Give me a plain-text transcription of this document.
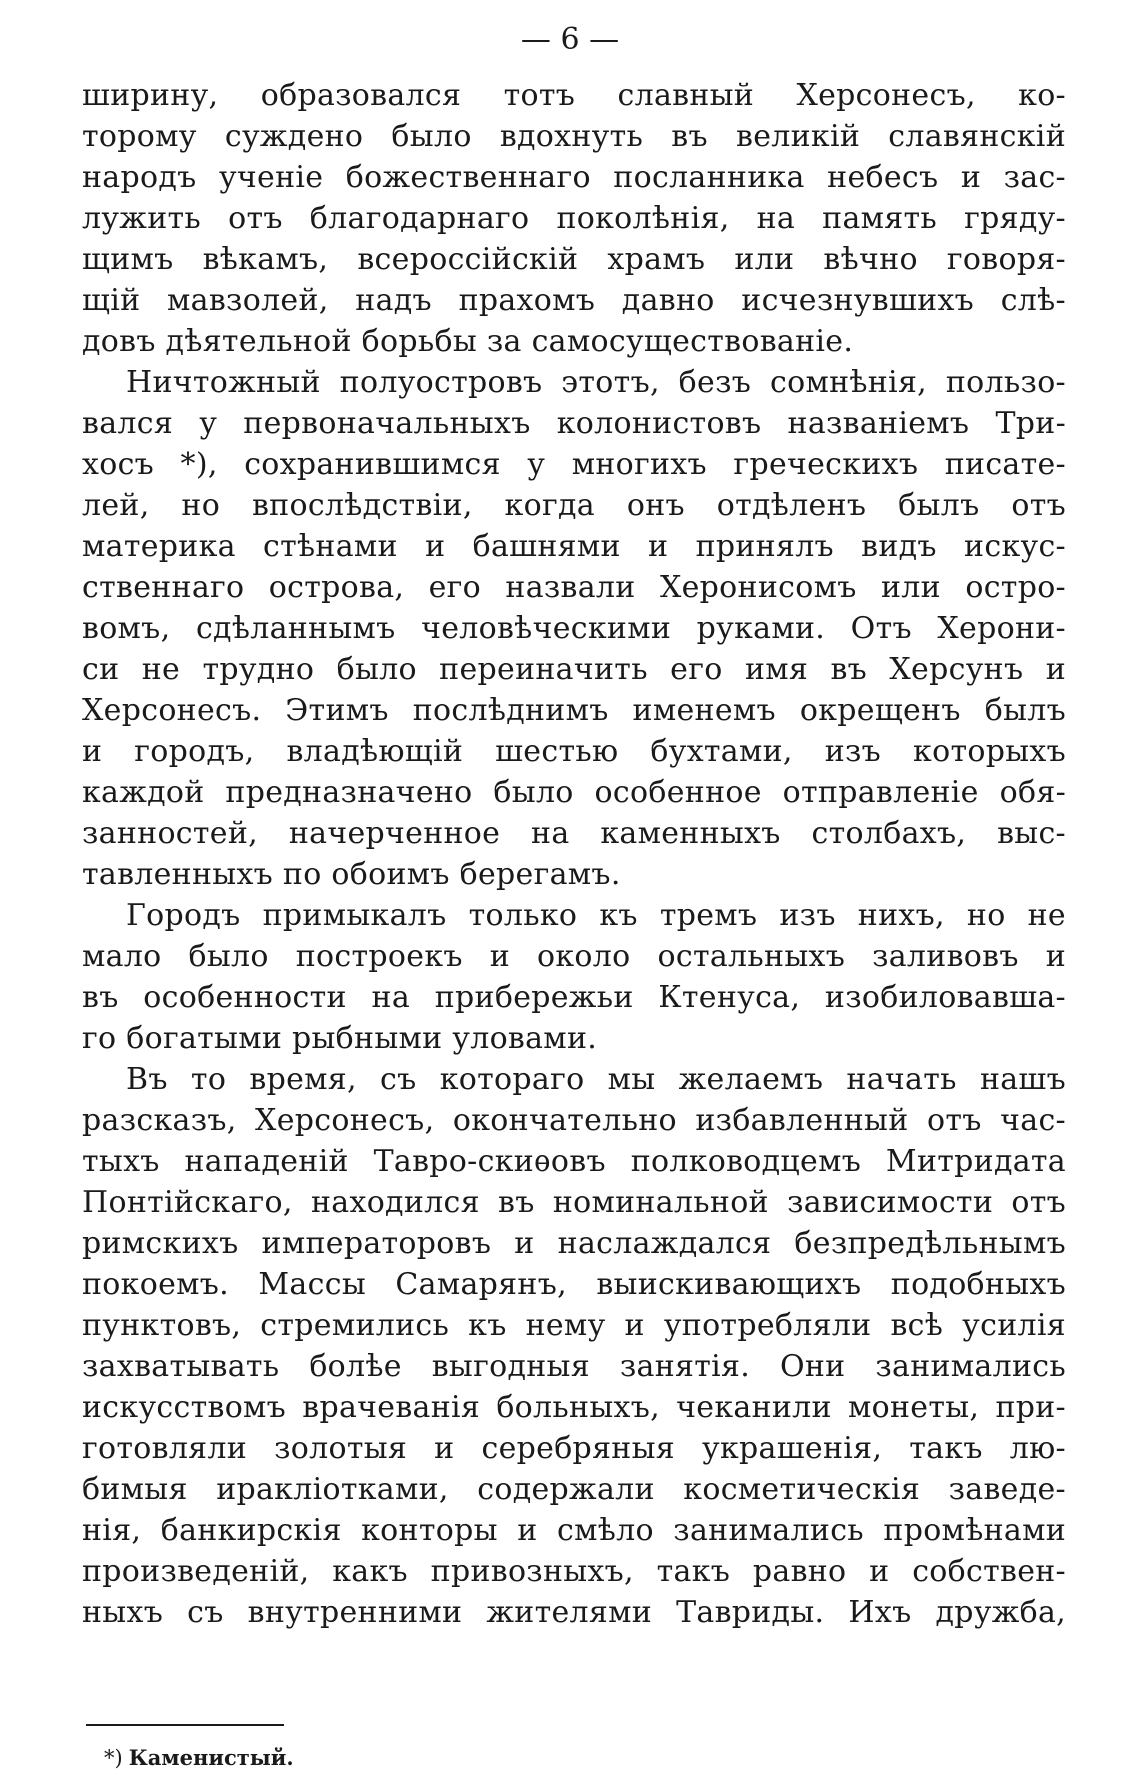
— 6 —

ширину, образовался тотъ славный Херсонесъ, ко-
торому суждено было вдохнуть въ великій славянскій
народъ ученіе божественнаго посланника небесъ и зас-
лужить отъ благодарнаго поколѣнія, на память гряду-
щимъ вѣкамъ, всероссійскій храмъ или вѣчно говоря-
щій мавзолей, надъ прахомъ давно исчезнувшихъ слѣ-
довъ дѣятельной борьбы за самосуществованіе.

Ничтожный полуостровъ этотъ, безъ сомнѣнія, пользо-
вался у первоначальныхъ колонистовъ названіемъ Три-
хосъ *), сохранившимся у многихъ греческихъ писате-
лей, но впослѣдствіи, когда онъ отдѣленъ былъ отъ
материка стѣнами и башнями и принялъ видъ искус-
ственнаго острова, его назвали Херонисомъ или остро-
вомъ, сдѣланнымъ человѣческими руками. Отъ Херони-
си не трудно было переиначить его имя въ Херсунъ и
Херсонесъ. Этимъ послѣднимъ именемъ окрещенъ былъ
и городъ, владѣющій шестью бухтами, изъ которыхъ
каждой предназначено было особенное отправленіе обя-
занностей, начерченное на каменныхъ столбахъ, выс-
тавленныхъ по обоимъ берегамъ.

Городъ примыкалъ только къ тремъ изъ нихъ, но не
мало было построекъ и около остальныхъ заливовъ и
въ особенности на прибережьи Ктенуса, изобиловавша-
го богатыми рыбными уловами.

Въ то время, съ котораго мы желаемъ начать нашъ
разсказъ, Херсонесъ, окончательно избавленный отъ час-
тыхъ нападеній Тавро-скиѳовъ полководцемъ Митридата
Понтійскаго, находился въ номинальной зависимости отъ
римскихъ императоровъ и наслаждался безпредѣльнымъ
покоемъ. Массы Самарянъ, выискивающихъ подобныхъ
пунктовъ, стремились къ нему и употребляли всѣ усилія
захватывать болѣе выгодныя занятія. Они занимались
искусствомъ врачеванія больныхъ, чеканили монеты, при-
готовляли золотыя и серебряныя украшенія, такъ лю-
бимыя иракліотками, содержали косметическія заведе-
нія, банкирскія конторы и смѣло занимались промѣнами
произведеній, какъ привозныхъ, такъ равно и собствен-
ныхъ съ внутренними жителями Тавриды. Ихъ дружба,

*) Каменистый.
